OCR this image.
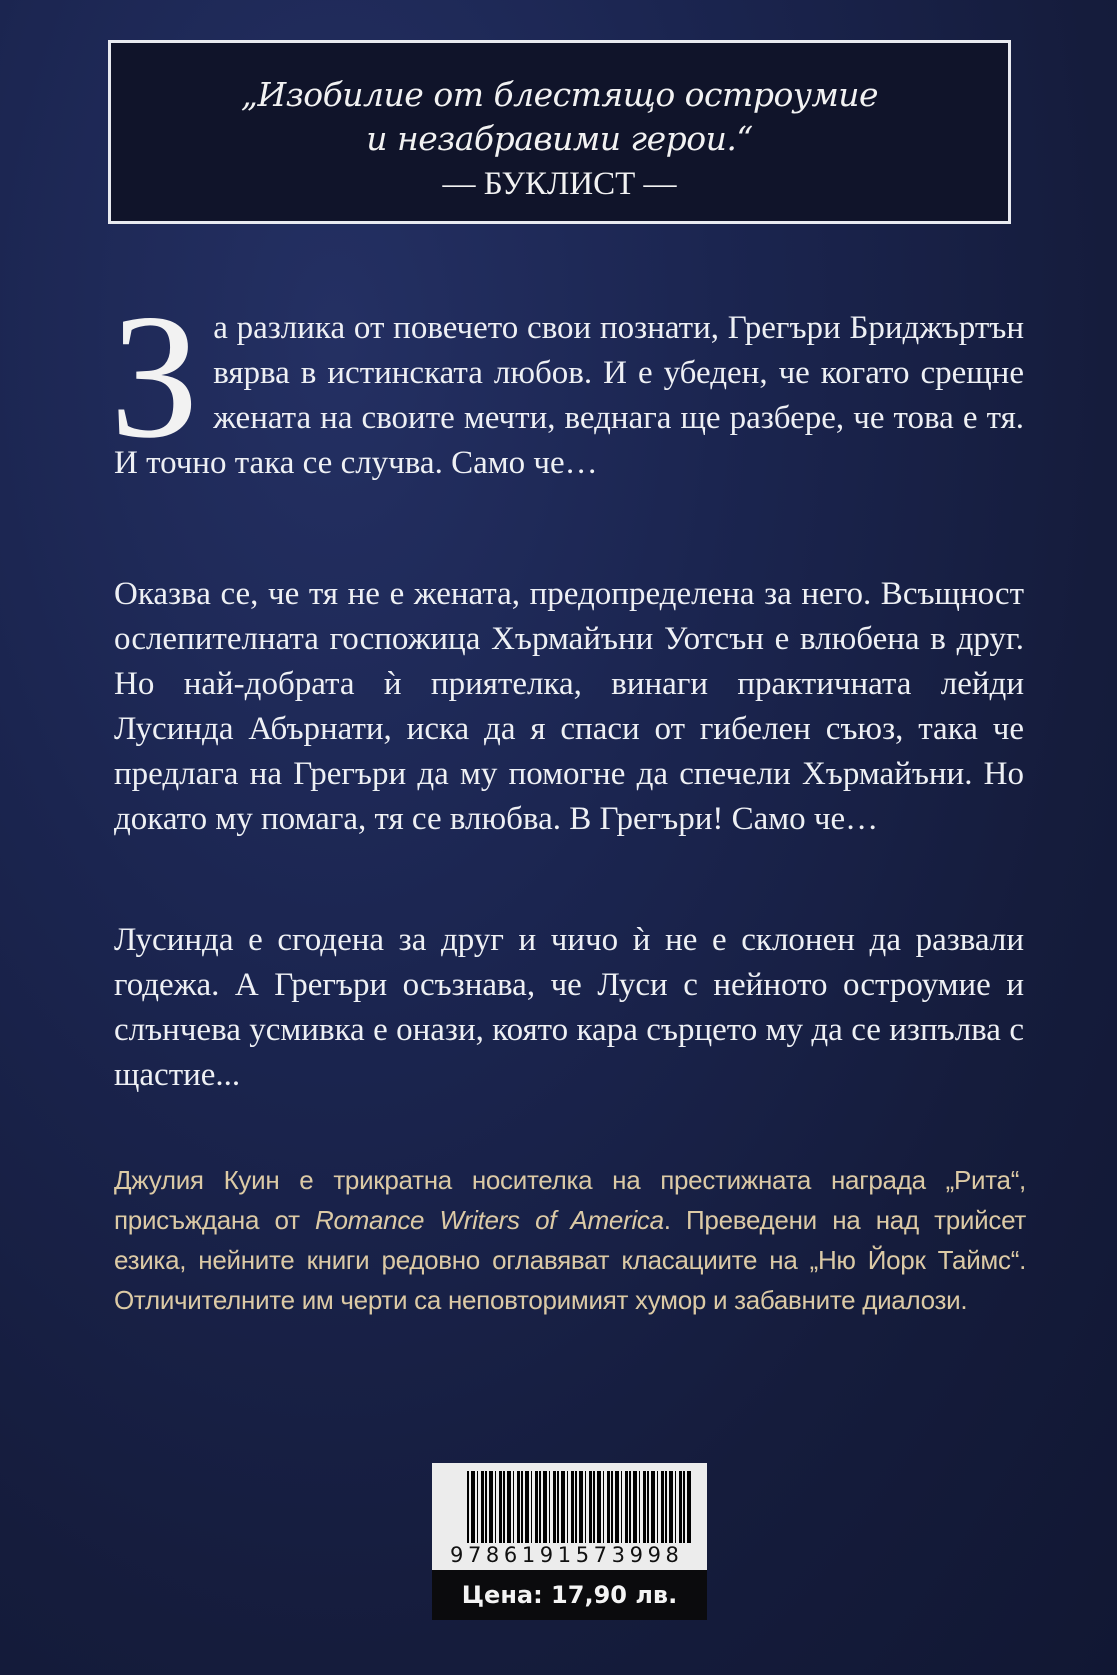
„Изобилие от блестящо остроумие
и незабравими герои.“
— БУКЛИСТ —
З а разлика от повечето свои познати, Грегъри Бриджъртън вярва в истинската любов. И е убеден, че когато срещне жената на своите мечти, веднага ще разбере, че това е тя. И точно така се случва. Само че…

Оказва се, че тя не е жената, предопределена за него. Всъщност ослепителната госпожица Хърмайъни Уотсън е влюбена в друг. Но най-добрата ѝ приятелка, винаги практичната лейди Лусинда Абърнати, иска да я спаси от гибелен съюз, така че предлага на Грегъри да му помогне да спечели Хърмайъни. Но докато му помага, тя се влюбва. В Грегъри! Само че…

Лусинда е сгодена за друг и чичо ѝ не е склонен да развали годежа. А Грегъри осъзнава, че Луси с нейното остроумие и слънчева усмивка е онази, която кара сърцето му да се изпълва с щастие...

Джулия Куин е трикратна носителка на престижната награда „Рита“, присъждана от Romance Writers of America. Преведени на над трийсет езика, нейните книги редовно оглавяват класациите на „Ню Йорк Таймс“. Отличителните им черти са неповторимият хумор и забавните диалози.
9786191573998
Цена: 17,90 лв.
